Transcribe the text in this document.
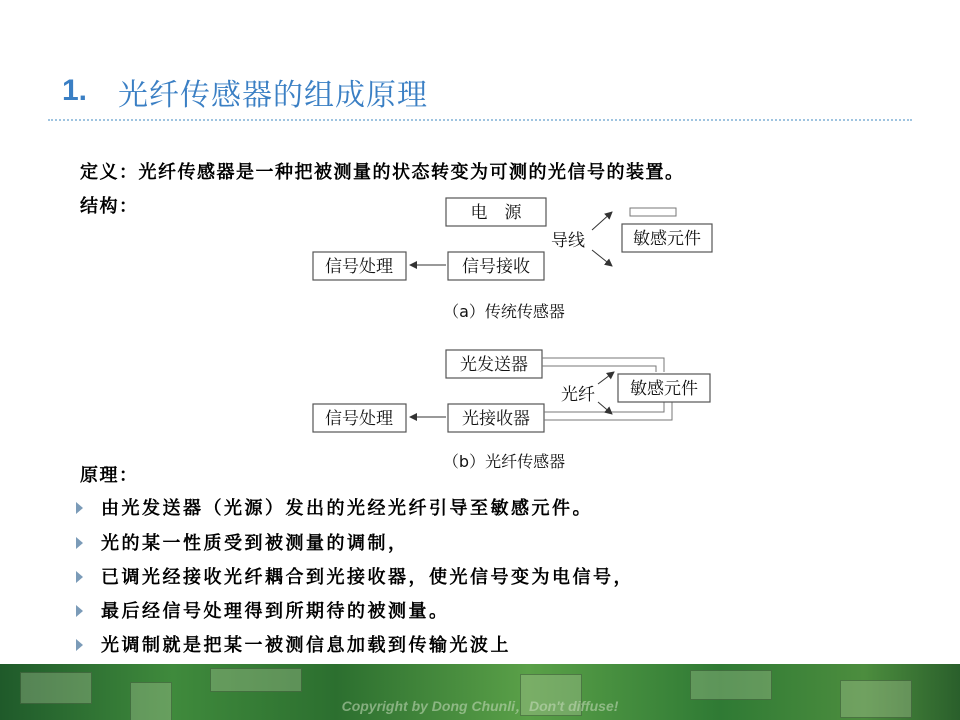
1. 光纤传感器的组成原理
定义：光纤传感器是一种把被测量的状态转变为可测的光信号的装置。
结构：	电　源
信号处理	信号接收
敏感元件
导线
（a）传统传感器
光发送器
信号处理	光接收器
敏感元件
光纤
（b）光纤传感器
原理：
由光发送器（光源）发出的光经光纤引导至敏感元件。
光的某一性质受到被测量的调制，
已调光经接收光纤耦合到光接收器，使光信号变为电信号，
最后经信号处理得到所期待的被测量。
光调制就是把某一被测信息加载到传输光波上
Copyright by Dong Chunli，Don't diffuse!
